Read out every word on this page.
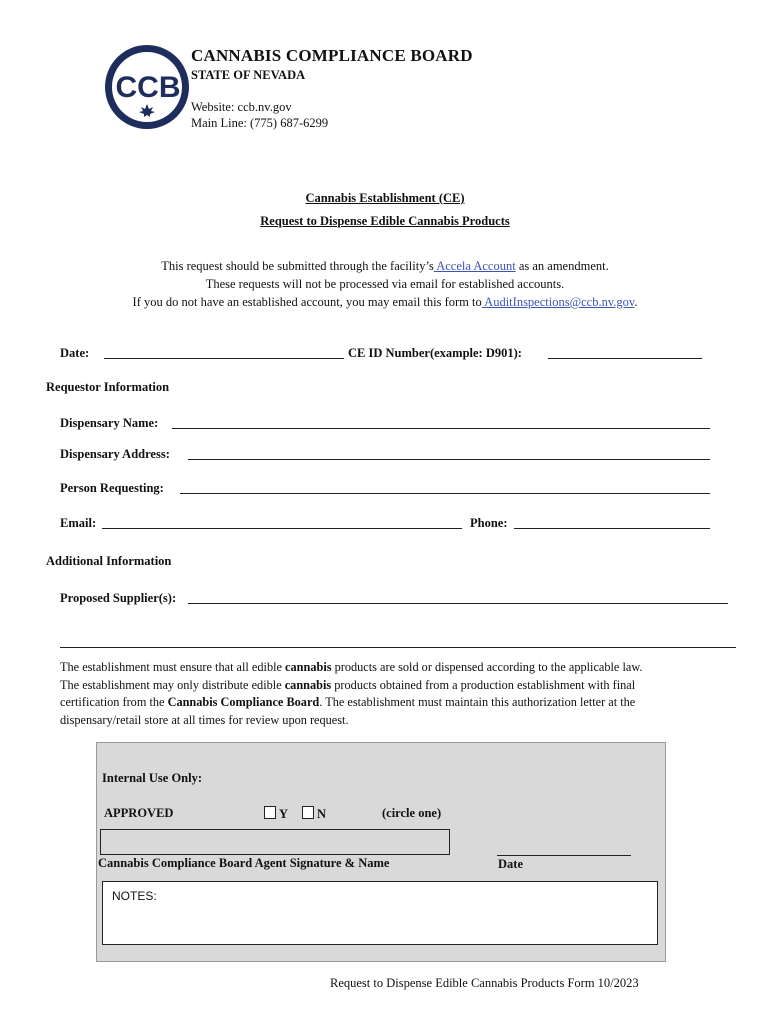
CCB
CANNABIS COMPLIANCE BOARD
STATE OF NEVADA
Website: ccb.nv.gov
Main Line: (775) 687-6299
Cannabis Establishment (CE)
Request to Dispense Edible Cannabis Products
This request should be submitted through the facility’s Accela Account as an amendment.
These requests will not be processed via email for established accounts.
If you do not have an established account, you may email this form to AuditInspections@ccb.nv.gov.
Date:	CE ID Number(example: D901):
Requestor Information
Dispensary Name:
Dispensary Address:
Person Requesting:
Email:	Phone:
Additional Information
Proposed Supplier(s):

The establishment must ensure that all edible cannabis products are sold or dispensed according to the applicable law.

The establishment may only distribute edible cannabis products obtained from a production establishment with final

certification from the Cannabis Compliance Board. The establishment must maintain this authorization letter at the

dispensary/retail store at all times for review upon request.

Internal Use Only:
APPROVED	Y	N	(circle one)
Cannabis Compliance Board Agent Signature & Name	Date
NOTES:
Request to Dispense Edible Cannabis Products Form 10/2023
